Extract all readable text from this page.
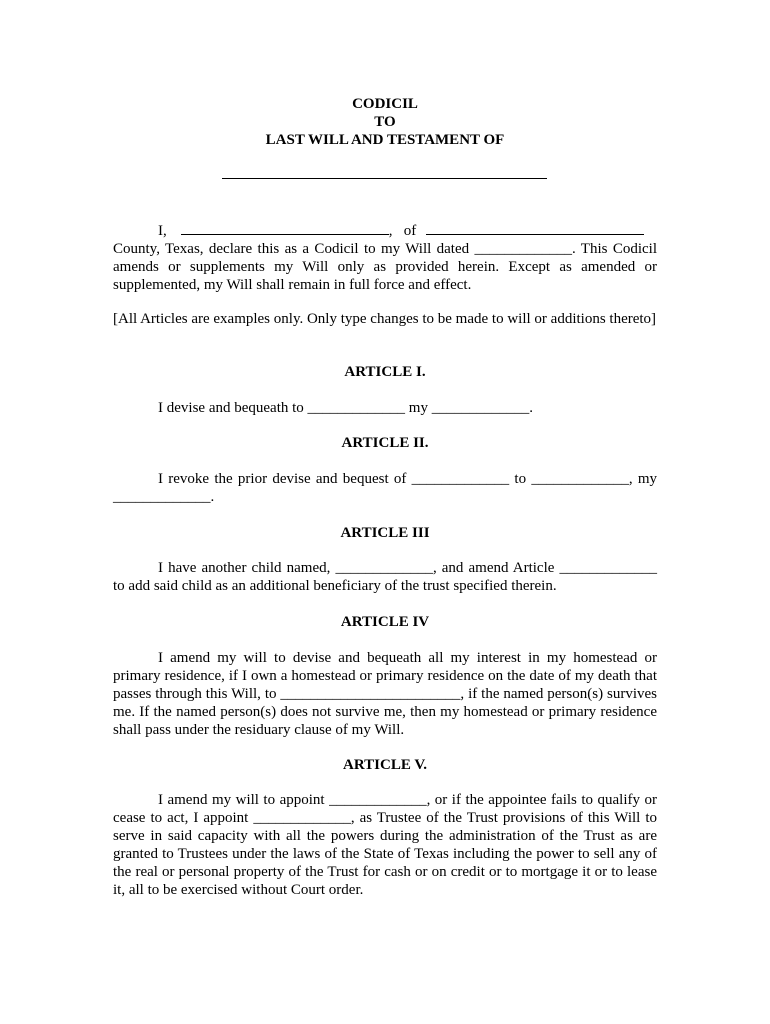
CODICIL
TO
LAST WILL AND TESTAMENT OF
I,	,   of
County, Texas, declare this as a Codicil to my Will dated _____________. This Codicil amends or supplements my Will only as provided herein. Except as amended or supplemented, my Will shall remain in full force and effect.
[All Articles are examples only. Only type changes to be made to will or additions thereto]
ARTICLE I.
I devise and bequeath to _____________ my _____________.
ARTICLE II.
I revoke the prior devise and bequest of _____________ to _____________, my _____________.
ARTICLE III
I have another child named, _____________, and amend Article _____________ to add said child as an additional beneficiary of the trust specified therein.
ARTICLE IV
I amend my will to devise and bequeath all my interest in my homestead or primary residence, if I own a homestead or primary residence on the date of my death that passes through this Will, to ________________________, if the named person(s) survives me. If the named person(s) does not survive me, then my homestead or primary residence shall pass under the residuary clause of my Will.
ARTICLE V.
I amend my will to appoint _____________, or if the appointee fails to qualify or cease to act, I appoint _____________, as Trustee of the Trust provisions of this Will to serve in said capacity with all the powers during the administration of the Trust as are granted to Trustees under the laws of the State of Texas including the power to sell any of the real or personal property of the Trust for cash or on credit or to mortgage it or to lease it, all to be exercised without Court order.
